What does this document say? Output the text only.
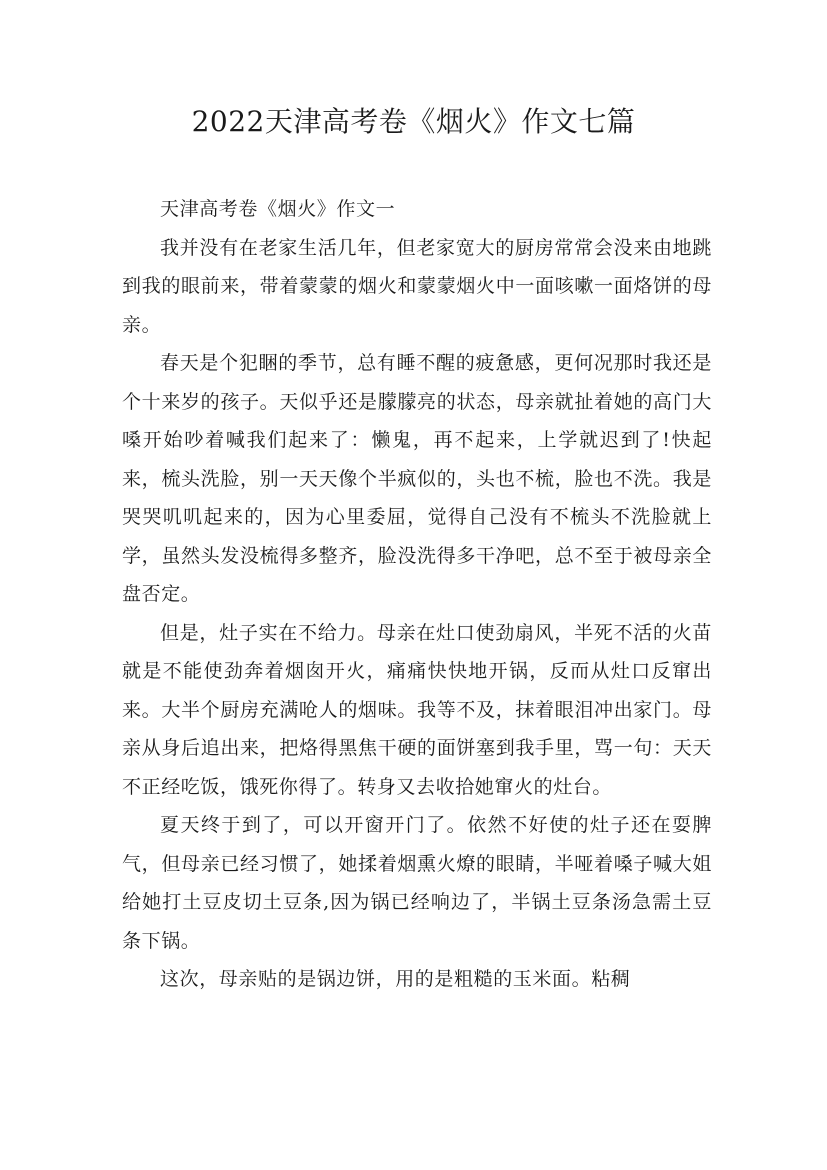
2022天津高考卷《烟火》作文七篇

天津高考卷《烟火》作文一

我并没有在老家生活几年，但老家宽大的厨房常常会没来由地跳到我的眼前来，带着蒙蒙的烟火和蒙蒙烟火中一面咳嗽一面烙饼的母亲。

春天是个犯睏的季节，总有睡不醒的疲惫感，更何况那时我还是个十来岁的孩子。天似乎还是朦朦亮的状态，母亲就扯着她的高门大嗓开始吵着喊我们起来了：懒鬼，再不起来，上学就迟到了!快起来，梳头洗脸，别一天天像个半疯似的，头也不梳，脸也不洗。我是哭哭叽叽起来的，因为心里委屈，觉得自己没有不梳头不洗脸就上学，虽然头发没梳得多整齐，脸没洗得多干净吧，总不至于被母亲全盘否定。

但是，灶子实在不给力。母亲在灶口使劲扇风，半死不活的火苗就是不能使劲奔着烟囱开火，痛痛快快地开锅，反而从灶口反窜出来。大半个厨房充满呛人的烟味。我等不及，抹着眼泪冲出家门。母亲从身后追出来，把烙得黑焦干硬的面饼塞到我手里，骂一句：天天不正经吃饭，饿死你得了。转身又去收拾她窜火的灶台。

夏天终于到了，可以开窗开门了。依然不好使的灶子还在耍脾气，但母亲已经习惯了，她揉着烟熏火燎的眼睛，半哑着嗓子喊大姐给她打土豆皮切土豆条,因为锅已经响边了，半锅土豆条汤急需土豆条下锅。

这次，母亲贴的是锅边饼，用的是粗糙的玉米面。粘稠
